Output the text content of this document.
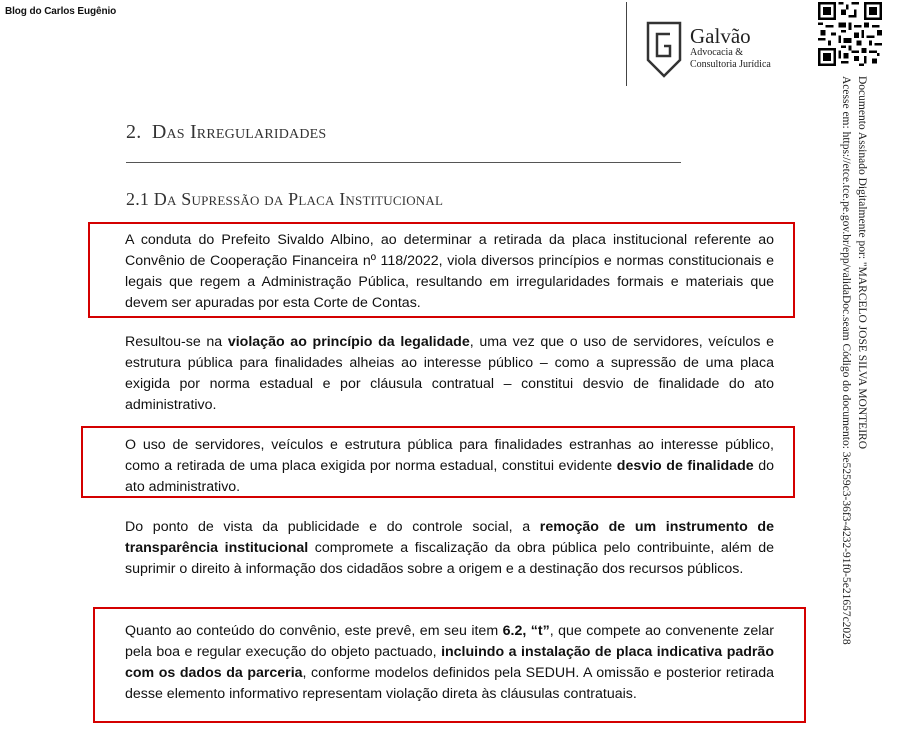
Blog do Carlos Eugênio
Galvão
Advocacia &
Consultoria Jurídica
Documento Assinado Digitalmente por: "MARCELO JOSE SILVA MONTEIRO
Acesse em: https://etce.tce.pe.gov.br/epp/validaDoc.seam Código do documento: 3e5259c3-36f3-4232-91f0-5e21657c2028
2. Das Irregularidades
2.1 Da Supressão da Placa Institucional
A conduta do Prefeito Sivaldo Albino, ao determinar a retirada da placa institucional referente ao Convênio de Cooperação Financeira nº 118/2022, viola diversos princípios e normas constitucionais e legais que regem a Administração Pública, resultando em irregularidades formais e materiais que devem ser apuradas por esta Corte de Contas.
Resultou-se na violação ao princípio da legalidade, uma vez que o uso de servidores, veículos e estrutura pública para finalidades alheias ao interesse público – como a supressão de uma placa exigida por norma estadual e por cláusula contratual – constitui desvio de finalidade do ato administrativo.
O uso de servidores, veículos e estrutura pública para finalidades estranhas ao interesse público, como a retirada de uma placa exigida por norma estadual, constitui evidente desvio de finalidade do ato administrativo.
Do ponto de vista da publicidade e do controle social, a remoção de um instrumento de transparência institucional compromete a fiscalização da obra pública pelo contribuinte, além de suprimir o direito à informação dos cidadãos sobre a origem e a destinação dos recursos públicos.
Quanto ao conteúdo do convênio, este prevê, em seu item 6.2, “t”, que compete ao convenente zelar pela boa e regular execução do objeto pactuado, incluindo a instalação de placa indicativa padrão com os dados da parceria, conforme modelos definidos pela SEDUH. A omissão e posterior retirada desse elemento informativo representam violação direta às cláusulas contratuais.
